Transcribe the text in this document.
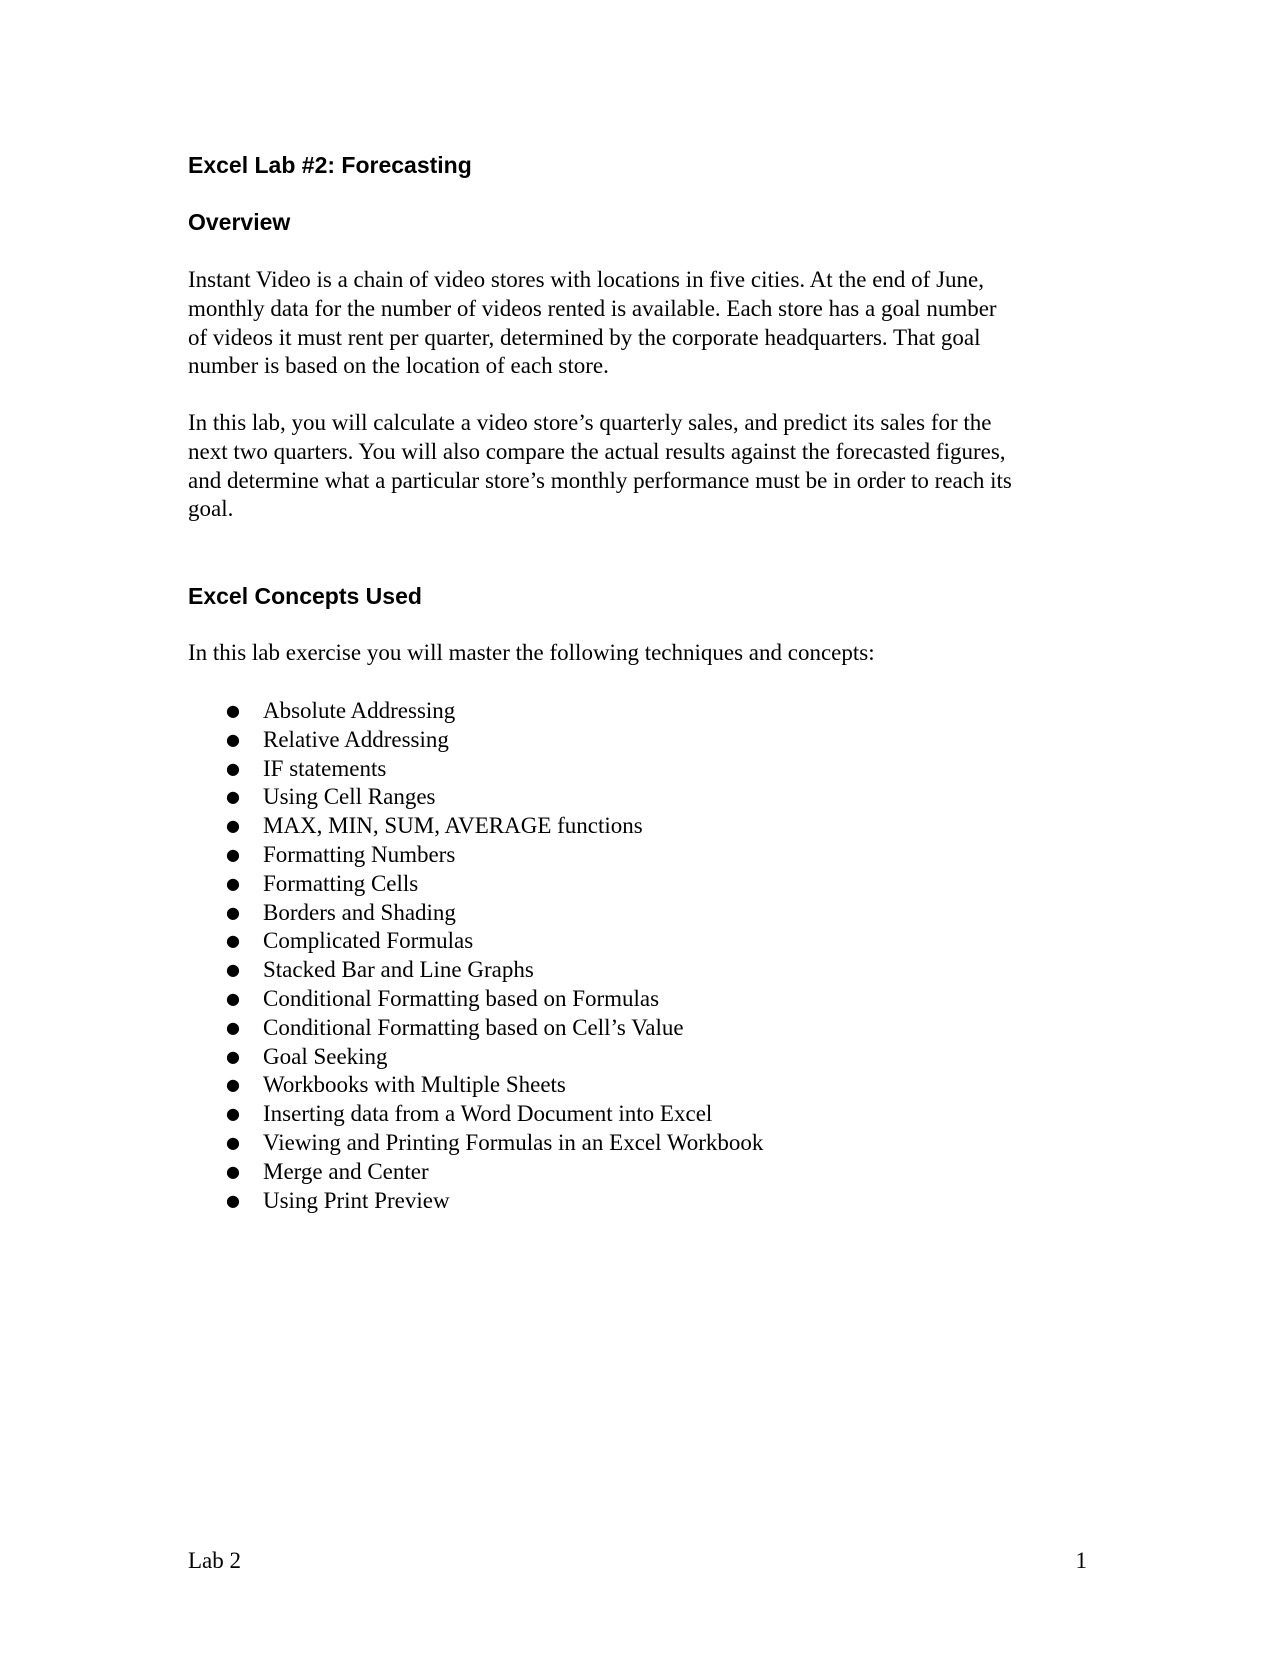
Excel Lab #2: Forecasting
Overview

Instant Video is a chain of video stores with locations in five cities. At the end of June,
monthly data for the number of videos rented is available. Each store has a goal number
of videos it must rent per quarter, determined by the corporate headquarters. That goal
number is based on the location of each store.

In this lab, you will calculate a video store’s quarterly sales, and predict its sales for the
next two quarters. You will also compare the actual results against the forecasted figures,
and determine what a particular store’s monthly performance must be in order to reach its
goal.

Excel Concepts Used

In this lab exercise you will master the following techniques and concepts:

● Absolute Addressing
● Relative Addressing
● IF statements
● Using Cell Ranges
● MAX, MIN, SUM, AVERAGE functions
● Formatting Numbers
● Formatting Cells
● Borders and Shading
● Complicated Formulas
● Stacked Bar and Line Graphs
● Conditional Formatting based on Formulas
● Conditional Formatting based on Cell’s Value
● Goal Seeking
● Workbooks with Multiple Sheets
● Inserting data from a Word Document into Excel
● Viewing and Printing Formulas in an Excel Workbook
● Merge and Center
● Using Print Preview

Lab 2	1
